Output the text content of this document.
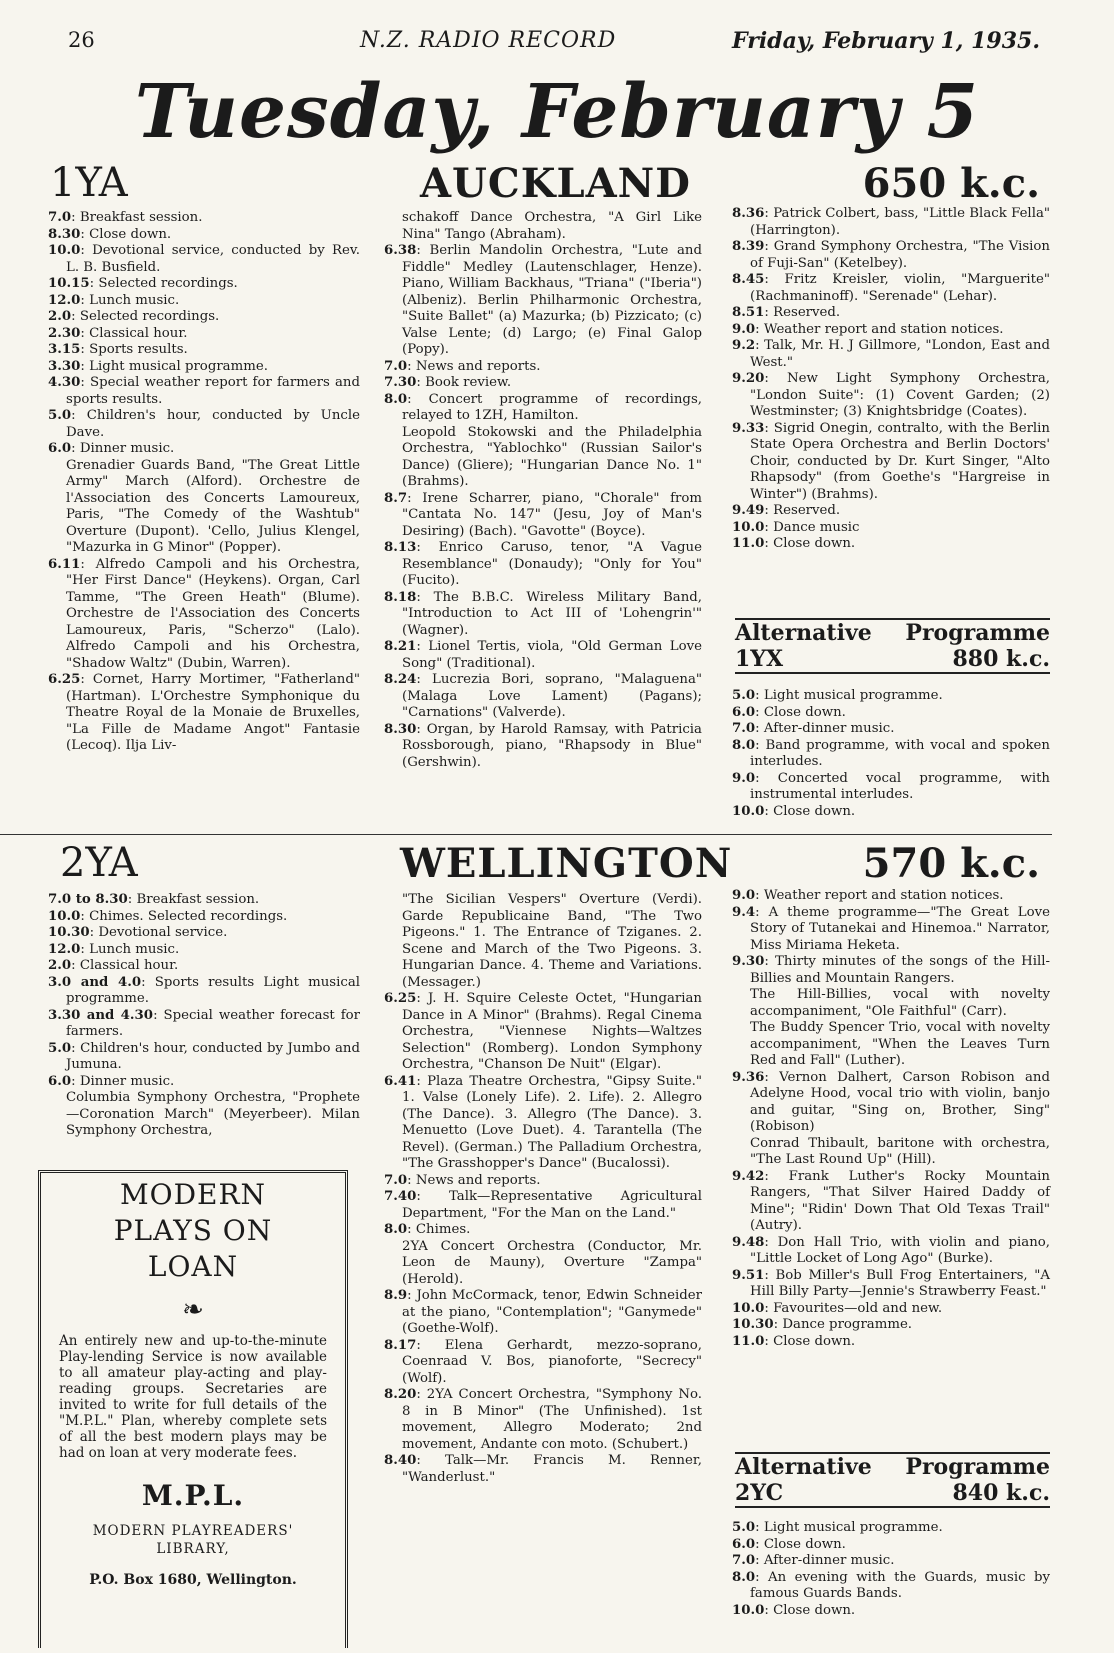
26	N.Z. RADIO RECORD	Friday, February 1, 1935.
Tuesday, February 5
1YA	AUCKLAND	650 k.c.

7.0: Breakfast session.

8.30: Close down.

10.0: Devotional service, conducted by Rev. L. B. Busfield.

10.15: Selected recordings.

12.0: Lunch music.

2.0: Selected recordings.

2.30: Classical hour.

3.15: Sports results.

3.30: Light musical programme.

4.30: Special weather report for farmers and sports results.

5.0: Children's hour, conducted by Uncle Dave.

6.0: Dinner music.

Grenadier Guards Band, "The Great Little Army" March (Alford). Orchestre de l'Association des Concerts Lamoureux, Paris, "The Comedy of the Washtub" Overture (Dupont). 'Cello, Julius Klengel, "Mazurka in G Minor" (Popper).

6.11: Alfredo Campoli and his Orchestra, "Her First Dance" (Heykens). Organ, Carl Tamme, "The Green Heath" (Blume). Orchestre de l'Association des Concerts Lamoureux, Paris, "Scherzo" (Lalo). Alfredo Campoli and his Orchestra, "Shadow Waltz" (Dubin, Warren).

6.25: Cornet, Harry Mortimer, "Fatherland" (Hartman). L'Orchestre Symphonique du Theatre Royal de la Monaie de Bruxelles, "La Fille de Madame Angot" Fantasie (Lecoq). Ilja Liv-

schakoff Dance Orchestra, "A Girl Like Nina" Tango (Abraham).

6.38: Berlin Mandolin Orchestra, "Lute and Fiddle" Medley (Lautenschlager, Henze). Piano, William Backhaus, "Triana" ("Iberia") (Albeniz). Berlin Philharmonic Orchestra, "Suite Ballet" (a) Mazurka; (b) Pizzicato; (c) Valse Lente; (d) Largo; (e) Final Galop (Popy).

7.0: News and reports.

7.30: Book review.

8.0: Concert programme of recordings, relayed to 1ZH, Hamilton.

Leopold Stokowski and the Philadelphia Orchestra, "Yablochko" (Russian Sailor's Dance) (Gliere); "Hungarian Dance No. 1" (Brahms).

8.7: Irene Scharrer, piano, "Chorale" from "Cantata No. 147" (Jesu, Joy of Man's Desiring) (Bach). "Gavotte" (Boyce).

8.13: Enrico Caruso, tenor, "A Vague Resemblance" (Donaudy); "Only for You" (Fucito).

8.18: The B.B.C. Wireless Military Band, "Introduction to Act III of 'Lohengrin'" (Wagner).

8.21: Lionel Tertis, viola, "Old German Love Song" (Traditional).

8.24: Lucrezia Bori, soprano, "Malaguena" (Malaga Love Lament) (Pagans); "Carnations" (Valverde).

8.30: Organ, by Harold Ramsay, with Patricia Rossborough, piano, "Rhapsody in Blue" (Gershwin).

8.36: Patrick Colbert, bass, "Little Black Fella" (Harrington).

8.39: Grand Symphony Orchestra, "The Vision of Fuji-San" (Ketelbey).

8.45: Fritz Kreisler, violin, "Marguerite" (Rachmaninoff). "Serenade" (Lehar).

8.51: Reserved.

9.0: Weather report and station notices.

9.2: Talk, Mr. H. J Gillmore, "London, East and West."

9.20: New Light Symphony Orchestra, "London Suite": (1) Covent Garden; (2) Westminster; (3) Knightsbridge (Coates).

9.33: Sigrid Onegin, contralto, with the Berlin State Opera Orchestra and Berlin Doctors' Choir, conducted by Dr. Kurt Singer, "Alto Rhapsody" (from Goethe's "Hargreise in Winter") (Brahms).

9.49: Reserved.

10.0: Dance music

11.0: Close down.

Alternative Programme
1YX	880 k.c.

5.0: Light musical programme.

6.0: Close down.

7.0: After-dinner music.

8.0: Band programme, with vocal and spoken interludes.

9.0: Concerted vocal programme, with instrumental interludes.

10.0: Close down.

2YA	WELLINGTON	570 k.c.

7.0 to 8.30: Breakfast session.

10.0: Chimes. Selected recordings.

10.30: Devotional service.

12.0: Lunch music.

2.0: Classical hour.

3.0 and 4.0: Sports results Light musical programme.

3.30 and 4.30: Special weather forecast for farmers.

5.0: Children's hour, conducted by Jumbo and Jumuna.

6.0: Dinner music.

Columbia Symphony Orchestra, "Prophete—Coronation March" (Meyerbeer). Milan Symphony Orchestra,

"The Sicilian Vespers" Overture (Verdi). Garde Republicaine Band, "The Two Pigeons." 1. The Entrance of Tziganes. 2. Scene and March of the Two Pigeons. 3. Hungarian Dance. 4. Theme and Variations. (Messager.)

6.25: J. H. Squire Celeste Octet, "Hungarian Dance in A Minor" (Brahms). Regal Cinema Orchestra, "Viennese Nights—Waltzes Selection" (Romberg). London Symphony Orchestra, "Chanson De Nuit" (Elgar).

6.41: Plaza Theatre Orchestra, "Gipsy Suite." 1. Valse (Lonely Life). 2. Life). 2. Allegro (The Dance). 3. Allegro (The Dance). 3. Menuetto (Love Duet). 4. Tarantella (The Revel). (German.) The Palladium Orchestra, "The Grasshopper's Dance" (Bucalossi).

7.0: News and reports.

7.40: Talk—Representative Agricultural Department, "For the Man on the Land."

8.0: Chimes.

2YA Concert Orchestra (Conductor, Mr. Leon de Mauny), Overture "Zampa" (Herold).

8.9: John McCormack, tenor, Edwin Schneider at the piano, "Contemplation"; "Ganymede" (Goethe-Wolf).

8.17: Elena Gerhardt, mezzo-soprano, Coenraad V. Bos, pianoforte, "Secrecy" (Wolf).

8.20: 2YA Concert Orchestra, "Symphony No. 8 in B Minor" (The Unfinished). 1st movement, Allegro Moderato; 2nd movement, Andante con moto. (Schubert.)

8.40: Talk—Mr. Francis M. Renner, "Wanderlust."

9.0: Weather report and station notices.

9.4: A theme programme—"The Great Love Story of Tutanekai and Hinemoa." Narrator, Miss Miriama Heketa.

9.30: Thirty minutes of the songs of the Hill-Billies and Mountain Rangers.

The Hill-Billies, vocal with novelty accompaniment, "Ole Faithful" (Carr).

The Buddy Spencer Trio, vocal with novelty accompaniment, "When the Leaves Turn Red and Fall" (Luther).

9.36: Vernon Dalhert, Carson Robison and Adelyne Hood, vocal trio with violin, banjo and guitar, "Sing on, Brother, Sing" (Robison)

Conrad Thibault, baritone with orchestra, "The Last Round Up" (Hill).

9.42: Frank Luther's Rocky Mountain Rangers, "That Silver Haired Daddy of Mine"; "Ridin' Down That Old Texas Trail" (Autry).

9.48: Don Hall Trio, with violin and piano, "Little Locket of Long Ago" (Burke).

9.51: Bob Miller's Bull Frog Entertainers, "A Hill Billy Party—Jennie's Strawberry Feast."

10.0: Favourites—old and new.

10.30: Dance programme.

11.0: Close down.

Alternative Programme
2YC	840 k.c.

5.0: Light musical programme.

6.0: Close down.

7.0: After-dinner music.

8.0: An evening with the Guards, music by famous Guards Bands.

10.0: Close down.

MODERN
PLAYS ON
LOAN
❧
An entirely new and up-to-the-minute Play-lending Service is now available to all amateur play-acting and play-reading groups. Secretaries are invited to write for full details of the "M.P.L." Plan, whereby complete sets of all the best modern plays may be had on loan at very moderate fees.
M.P.L.
MODERN PLAYREADERS'
LIBRARY,
P.O. Box 1680, Wellington.
